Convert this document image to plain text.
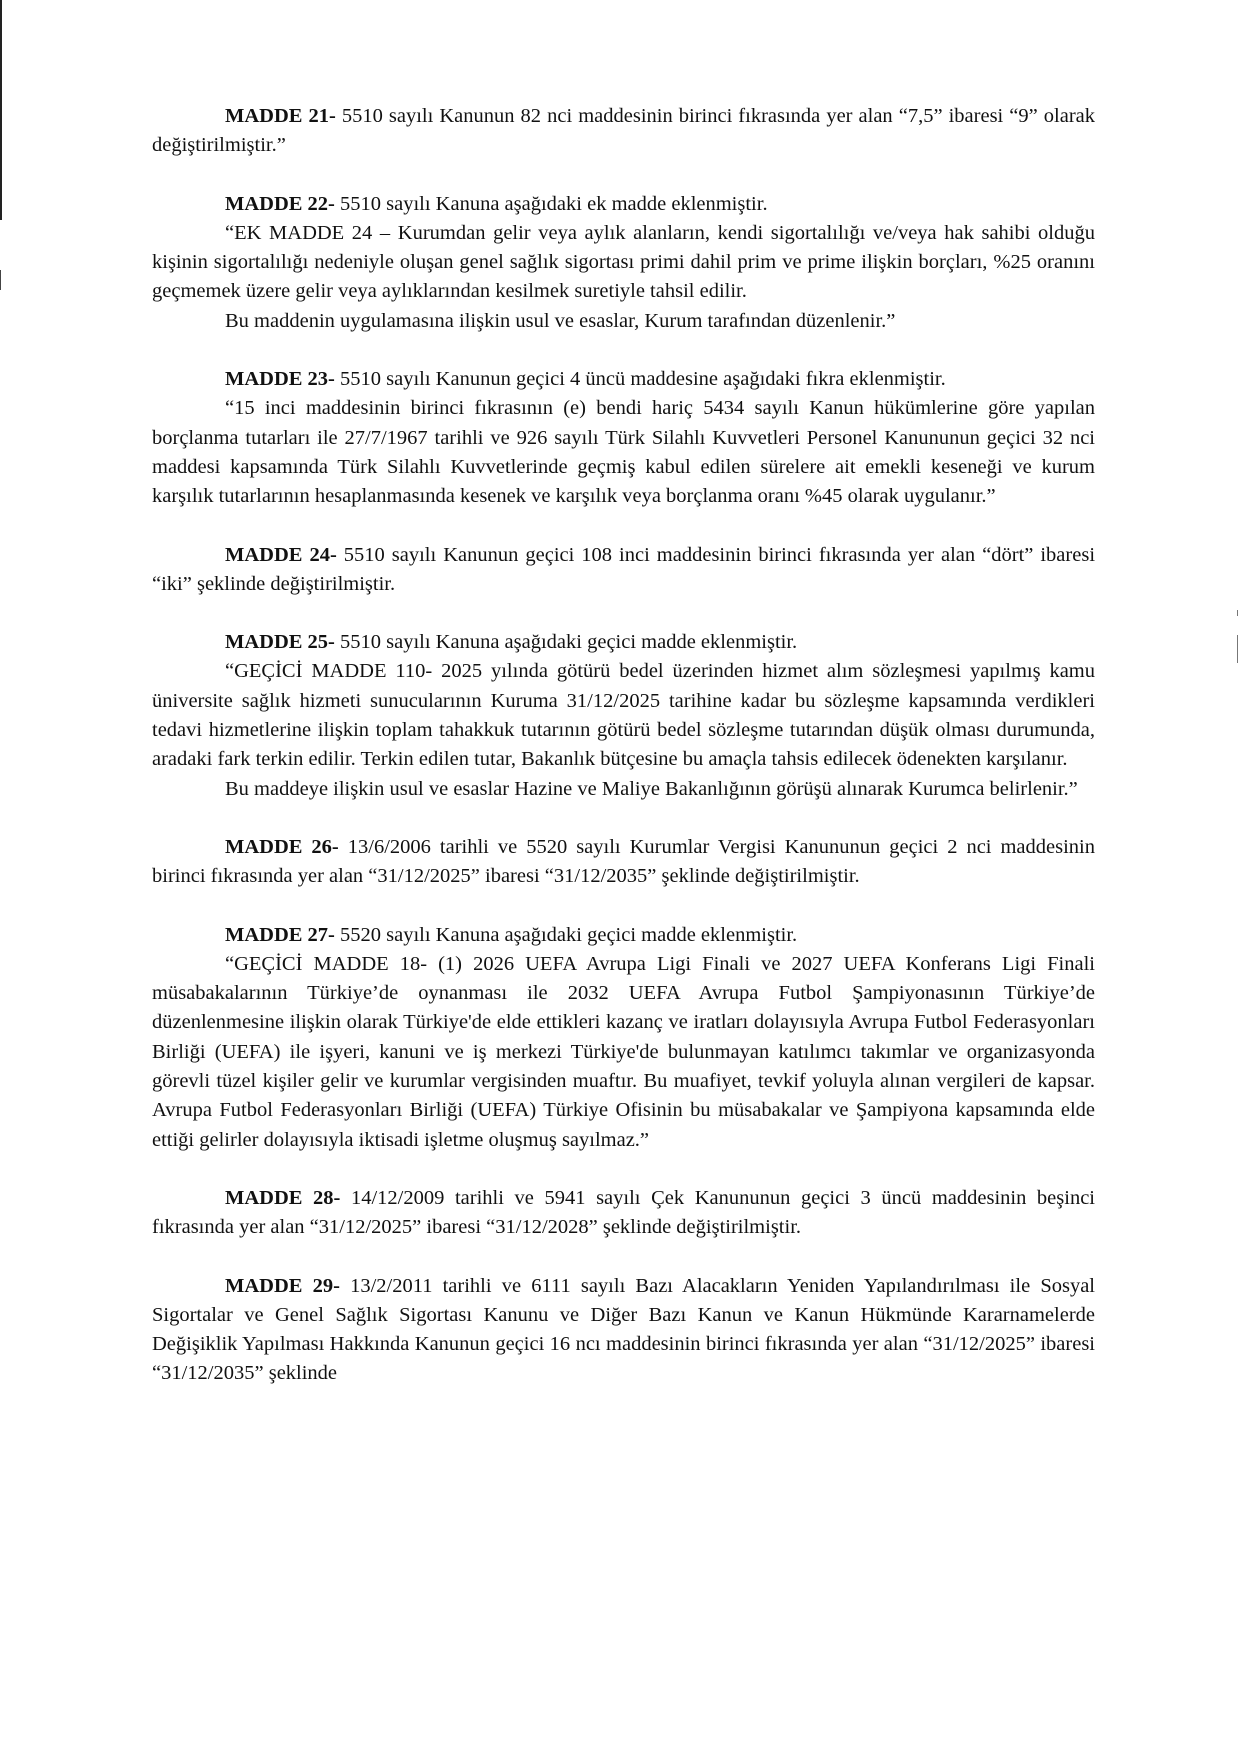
MADDE 21- 5510 sayılı Kanunun 82 nci maddesinin birinci fıkrasında yer alan “7,5” ibaresi “9” olarak değiştirilmiştir.”

MADDE 22- 5510 sayılı Kanuna aşağıdaki ek madde eklenmiştir.

“EK MADDE 24 – Kurumdan gelir veya aylık alanların, kendi sigortalılığı ve/veya hak sahibi olduğu kişinin sigortalılığı nedeniyle oluşan genel sağlık sigortası primi dahil prim ve prime ilişkin borçları, %25 oranını geçmemek üzere gelir veya aylıklarından kesilmek suretiyle tahsil edilir.

Bu maddenin uygulamasına ilişkin usul ve esaslar, Kurum tarafından düzenlenir.”

MADDE 23- 5510 sayılı Kanunun geçici 4 üncü maddesine aşağıdaki fıkra eklenmiştir.

“15 inci maddesinin birinci fıkrasının (e) bendi hariç 5434 sayılı Kanun hükümlerine göre yapılan borçlanma tutarları ile 27/7/1967 tarihli ve 926 sayılı Türk Silahlı Kuvvetleri Personel Kanununun geçici 32 nci maddesi kapsamında Türk Silahlı Kuvvetlerinde geçmiş kabul edilen sürelere ait emekli keseneği ve kurum karşılık tutarlarının hesaplanmasında kesenek ve karşılık veya borçlanma oranı %45 olarak uygulanır.”

MADDE 24- 5510 sayılı Kanunun geçici 108 inci maddesinin birinci fıkrasında yer alan “dört” ibaresi “iki” şeklinde değiştirilmiştir.

MADDE 25- 5510 sayılı Kanuna aşağıdaki geçici madde eklenmiştir.

“GEÇİCİ MADDE 110- 2025 yılında götürü bedel üzerinden hizmet alım sözleşmesi yapılmış kamu üniversite sağlık hizmeti sunucularının Kuruma 31/12/2025 tarihine kadar bu sözleşme kapsamında verdikleri tedavi hizmetlerine ilişkin toplam tahakkuk tutarının götürü bedel sözleşme tutarından düşük olması durumunda, aradaki fark terkin edilir. Terkin edilen tutar, Bakanlık bütçesine bu amaçla tahsis edilecek ödenekten karşılanır.

Bu maddeye ilişkin usul ve esaslar Hazine ve Maliye Bakanlığının görüşü alınarak Kurumca belirlenir.”

MADDE 26- 13/6/2006 tarihli ve 5520 sayılı Kurumlar Vergisi Kanununun geçici 2 nci maddesinin birinci fıkrasında yer alan “31/12/2025” ibaresi “31/12/2035” şeklinde değiştirilmiştir.

MADDE 27- 5520 sayılı Kanuna aşağıdaki geçici madde eklenmiştir.

“GEÇİCİ MADDE 18- (1) 2026 UEFA Avrupa Ligi Finali ve 2027 UEFA Konferans Ligi Finali müsabakalarının Türkiye’de oynanması ile 2032 UEFA Avrupa Futbol Şampiyonasının Türkiye’de düzenlenmesine ilişkin olarak Türkiye'de elde ettikleri kazanç ve iratları dolayısıyla Avrupa Futbol Federasyonları Birliği (UEFA) ile işyeri, kanuni ve iş merkezi Türkiye'de bulunmayan katılımcı takımlar ve organizasyonda görevli tüzel kişiler gelir ve kurumlar vergisinden muaftır. Bu muafiyet, tevkif yoluyla alınan vergileri de kapsar. Avrupa Futbol Federasyonları Birliği (UEFA) Türkiye Ofisinin bu müsabakalar ve Şampiyona kapsamında elde ettiği gelirler dolayısıyla iktisadi işletme oluşmuş sayılmaz.”

MADDE 28- 14/12/2009 tarihli ve 5941 sayılı Çek Kanununun geçici 3 üncü maddesinin beşinci fıkrasında yer alan “31/12/2025” ibaresi “31/12/2028” şeklinde değiştirilmiştir.

MADDE 29- 13/2/2011 tarihli ve 6111 sayılı Bazı Alacakların Yeniden Yapılandırılması ile Sosyal Sigortalar ve Genel Sağlık Sigortası Kanunu ve Diğer Bazı Kanun ve Kanun Hükmünde Kararnamelerde Değişiklik Yapılması Hakkında Kanunun geçici 16 ncı maddesinin birinci fıkrasında yer alan “31/12/2025” ibaresi “31/12/2035” şeklinde
